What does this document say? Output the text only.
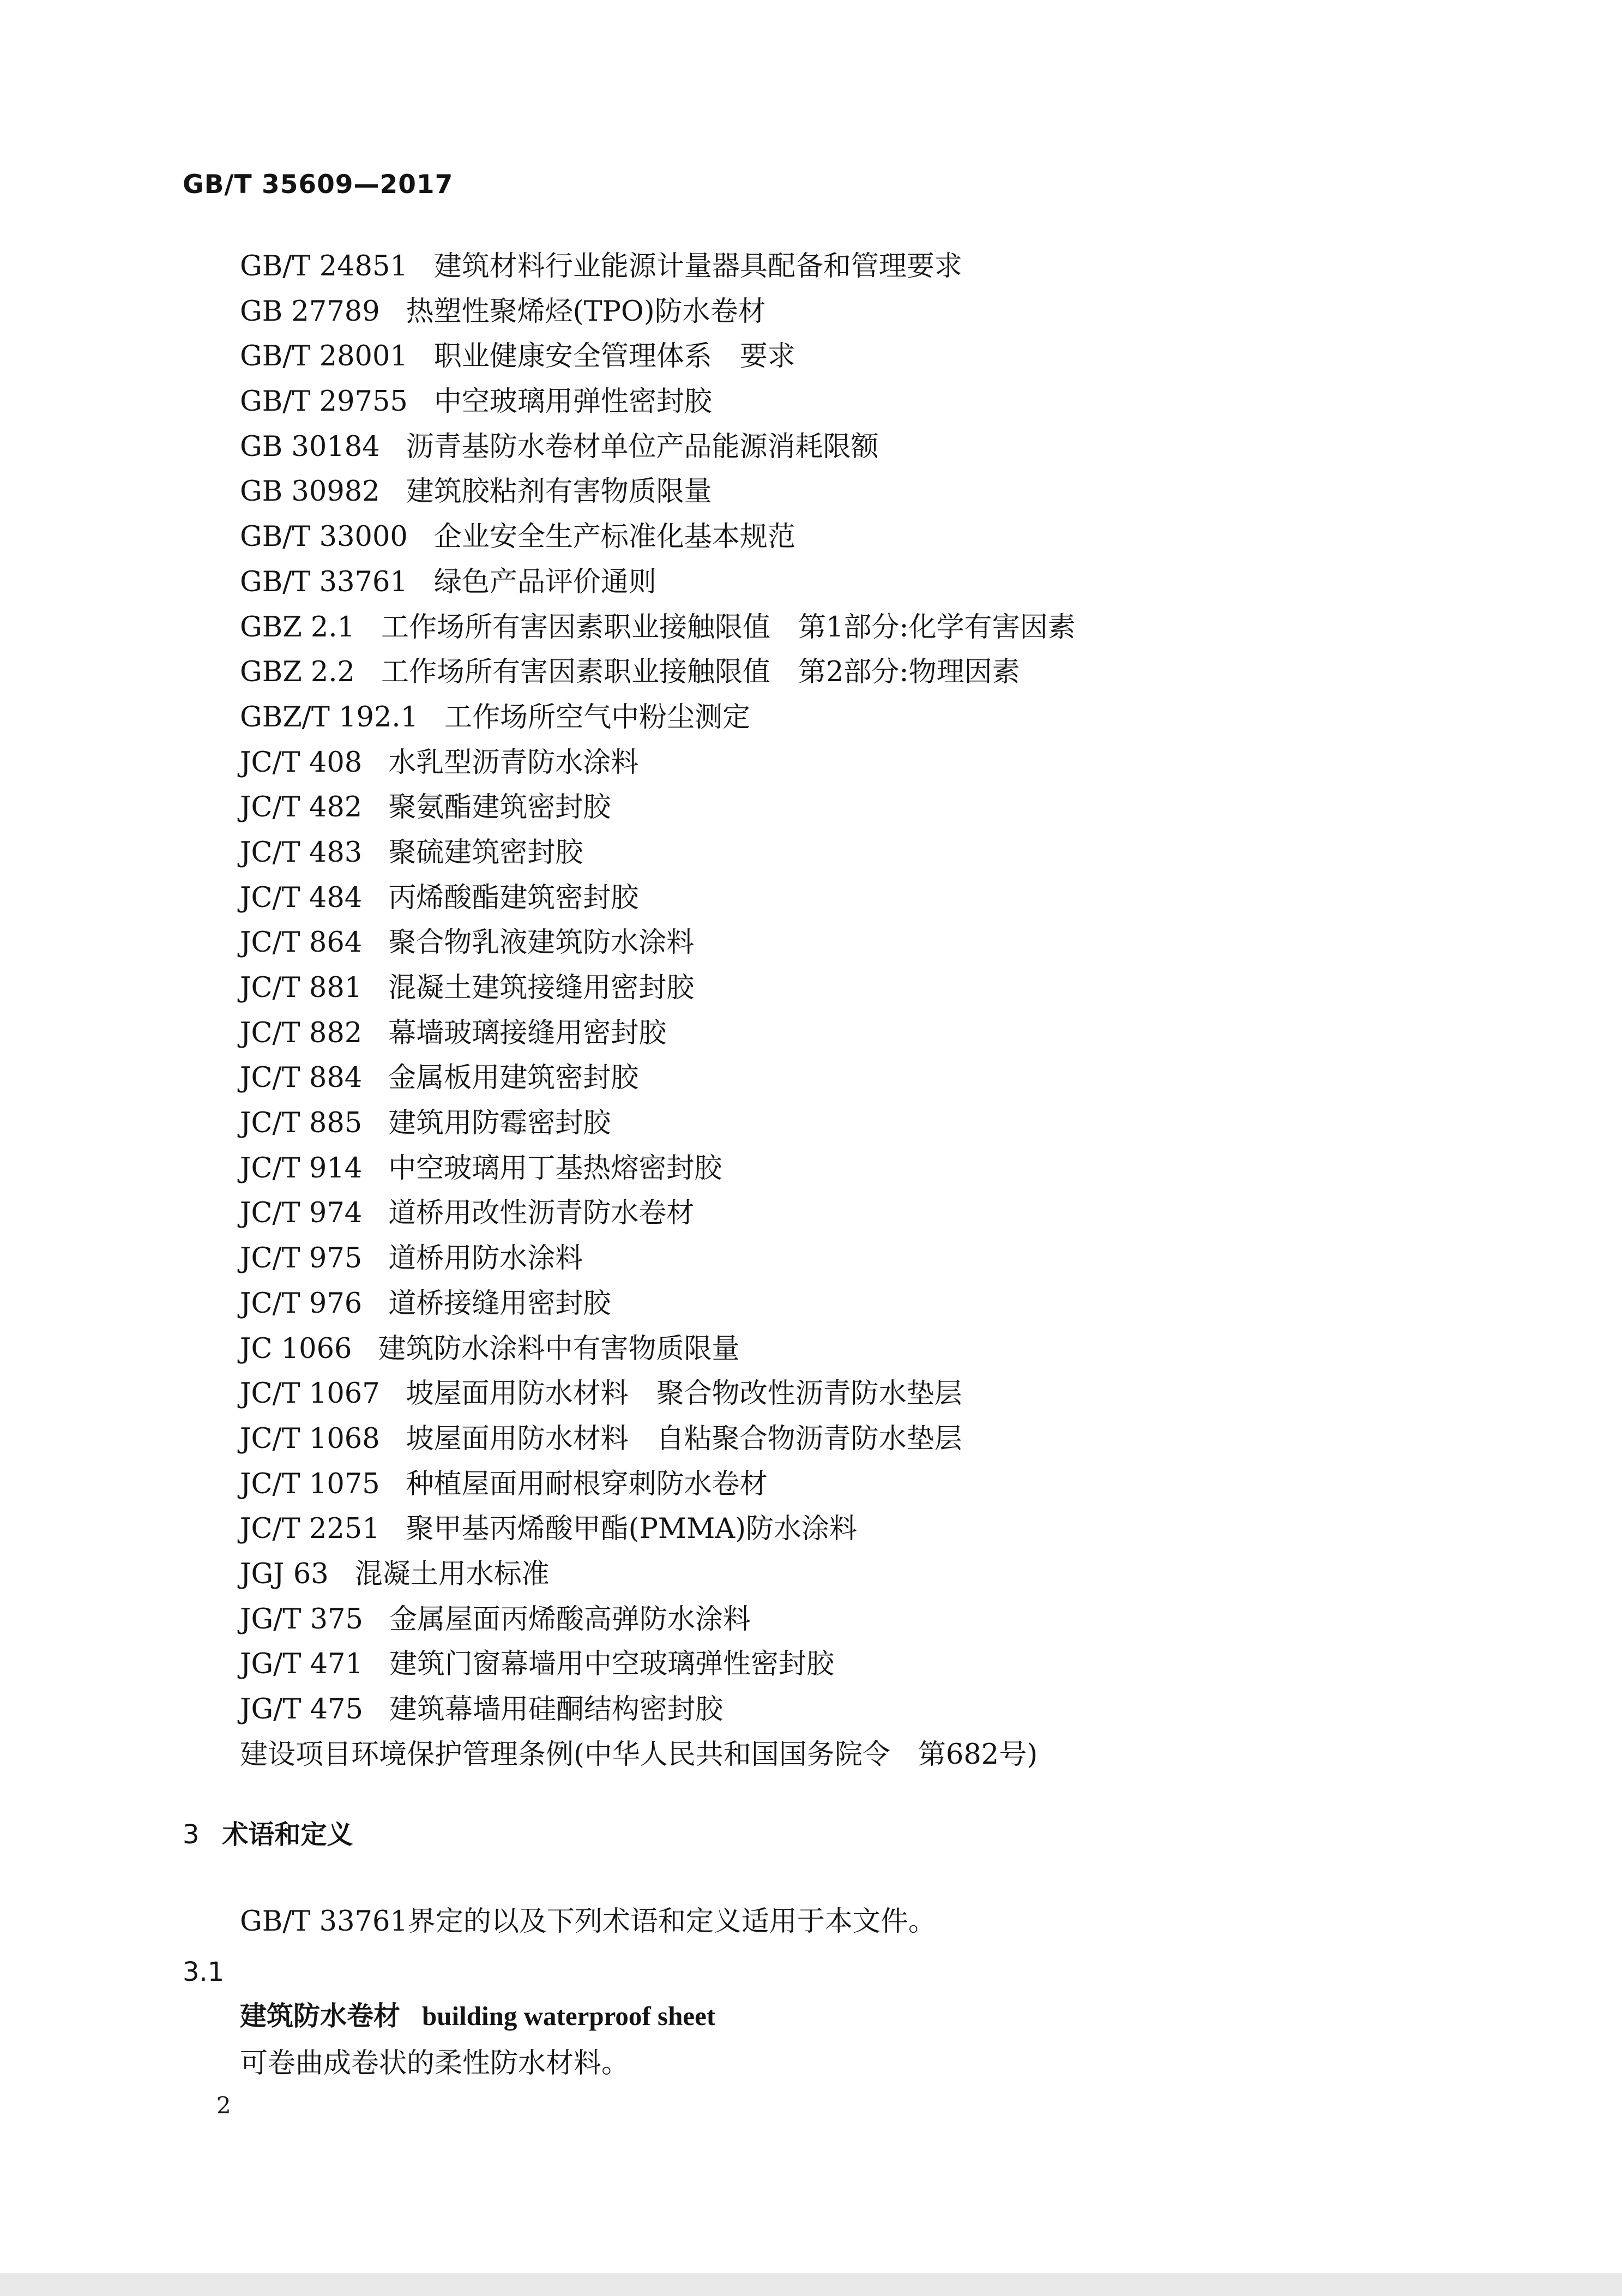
GB/T 35609—2017
GB/T 24851 建筑材料行业能源计量器具配备和管理要求
GB 27789 热塑性聚烯烃(TPO)防水卷材
GB/T 28001 职业健康安全管理体系　要求
GB/T 29755 中空玻璃用弹性密封胶
GB 30184 沥青基防水卷材单位产品能源消耗限额
GB 30982 建筑胶粘剂有害物质限量
GB/T 33000 企业安全生产标准化基本规范
GB/T 33761 绿色产品评价通则
GBZ 2.1 工作场所有害因素职业接触限值　第1部分:化学有害因素
GBZ 2.2 工作场所有害因素职业接触限值　第2部分:物理因素
GBZ/T 192.1 工作场所空气中粉尘测定
JC/T 408 水乳型沥青防水涂料
JC/T 482 聚氨酯建筑密封胶
JC/T 483 聚硫建筑密封胶
JC/T 484 丙烯酸酯建筑密封胶
JC/T 864 聚合物乳液建筑防水涂料
JC/T 881 混凝土建筑接缝用密封胶
JC/T 882 幕墙玻璃接缝用密封胶
JC/T 884 金属板用建筑密封胶
JC/T 885 建筑用防霉密封胶
JC/T 914 中空玻璃用丁基热熔密封胶
JC/T 974 道桥用改性沥青防水卷材
JC/T 975 道桥用防水涂料
JC/T 976 道桥接缝用密封胶
JC 1066 建筑防水涂料中有害物质限量
JC/T 1067 坡屋面用防水材料　聚合物改性沥青防水垫层
JC/T 1068 坡屋面用防水材料　自粘聚合物沥青防水垫层
JC/T 1075 种植屋面用耐根穿刺防水卷材
JC/T 2251 聚甲基丙烯酸甲酯(PMMA)防水涂料
JGJ 63 混凝土用水标准
JG/T 375 金属屋面丙烯酸高弹防水涂料
JG/T 471 建筑门窗幕墙用中空玻璃弹性密封胶
JG/T 475 建筑幕墙用硅酮结构密封胶
建设项目环境保护管理条例(中华人民共和国国务院令　第682号)
3 术语和定义
GB/T 33761界定的以及下列术语和定义适用于本文件。
3.1
建筑防水卷材 building waterproof sheet
可卷曲成卷状的柔性防水材料。
2
